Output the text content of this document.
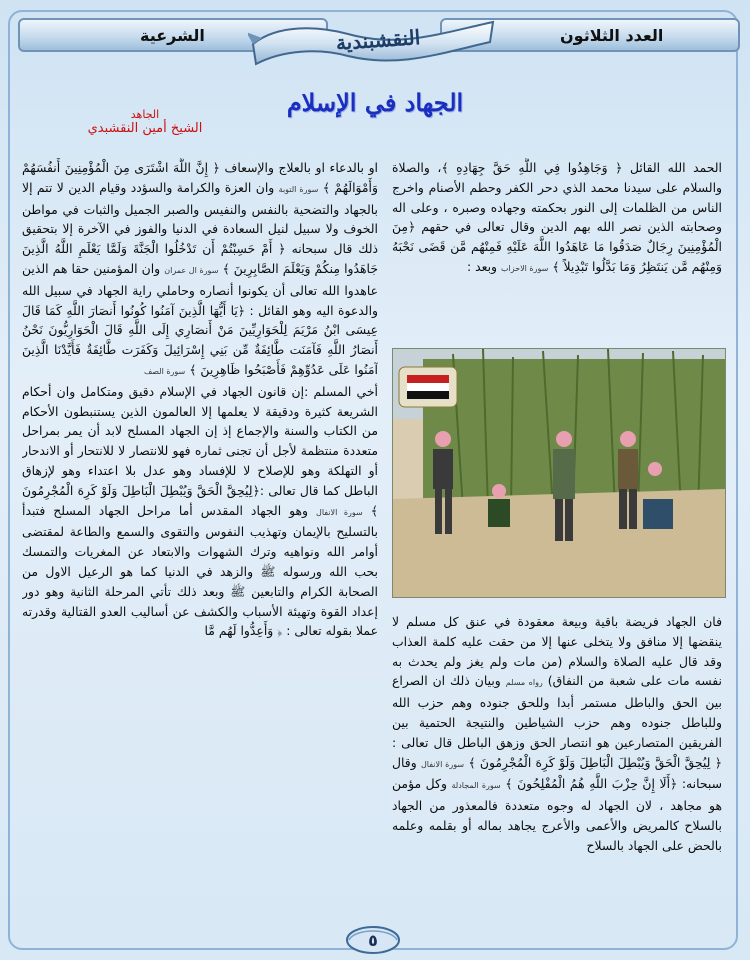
الشرعية	العدد الثلاثون
النقشبندية
الجهاد في الإسلام
الجاهد
الشيخ أمين النقشبدي

الحمد الله القائل ﴿ وَجَاهِدُوا فِي اللَّهِ حَقَّ جِهَادِهِ ﴾، والصلاة والسلام على سيدنا محمد الذي دحر الكفر وحطم الأصنام واخرج الناس من الظلمات إلى النور بحكمته وجهاده وصبره ، وعلى اله وصحابته الذين نصر الله بهم الدين وقال تعالى في حقهم ﴿مِنَ الْمُؤْمِنِينَ رِجَالٌ صَدَقُوا مَا عَاهَدُوا اللَّهَ عَلَيْهِ فَمِنْهُم مَّن قَضَى نَحْبَهُ وَمِنْهُم مَّن يَنتَظِرُ وَمَا بَدَّلُوا تَبْدِيلاً ﴾ سورة الاحزاب وبعد :

فان الجهاد فريضة باقية وبيعة معقودة في عنق كل مسلم لا ينقضها إلا منافق ولا يتخلى عنها إلا من حقت عليه كلمة العذاب وقد قال عليه الصلاة والسلام (من مات ولم يغز ولم يحدث به نفسه مات على شعبة من النفاق) رواه مسلم وبيان ذلك ان الصراع بين الحق والباطل مستمر أبدا وللحق جنوده وهم حزب الله وللباطل جنوده وهم حزب الشياطين والنتيجة الحتمية بين الفريقين المتصارعين هو انتصار الحق وزهق الباطل قال تعالى : ﴿ لِيُحِقَّ الْحَقَّ وَيُبْطِلَ الْبَاطِلَ وَلَوْ كَرِهَ الْمُجْرِمُونَ ﴾ سورة الانفال وقال سبحانه: ﴿أَلَا إِنَّ حِزْبَ اللَّهِ هُمُ الْمُفْلِحُونَ ﴾ سورة المجادلة وكل مؤمن هو مجاهد ، لان الجهاد له وجوه متعددة فالمعذور من الجهاد بالسلاح كالمريض والأعمى والأعرج يجاهد بماله أو بقلمه وعلمه بالحض على الجهاد بالسلاح

او بالدعاء او بالعلاج والإسعاف ﴿ إِنَّ اللَّهَ اشْتَرَى مِنَ الْمُؤْمِنِينَ أَنفُسَهُمْ وَأَمْوَالَهُمْ ﴾ سورة التوبة وان العزة والكرامة والسؤدد وقيام الدين لا تتم إلا بالجهاد والتضحية بالنفس والنفيس والصبر الجميل والثبات في مواطن الخوف ولا سبيل لنيل السعادة في الدنيا والفوز في الآخرة إلا بتحقيق ذلك قال سبحانه ﴿ أَمْ حَسِبْتُمْ أَن تَدْخُلُوا الْجَنَّةَ وَلَمَّا يَعْلَمِ اللَّهُ الَّذِينَ جَاهَدُوا مِنكُمْ وَيَعْلَمَ الصَّابِرِينَ ﴾ سورة ال عمران وان المؤمنين حقا هم الذين عاهدوا الله تعالى أن يكونوا أنصاره وحاملي راية الجهاد في سبيل الله والدعوة اليه وهو القائل : ﴿يَا أَيُّهَا الَّذِينَ آمَنُوا كُونُوا أَنصَارَ اللَّهِ كَمَا قَالَ عِيسَى ابْنُ مَرْيَمَ لِلْحَوَارِيِّينَ مَنْ أَنصَارِي إِلَى اللَّهِ قَالَ الْحَوَارِيُّونَ نَحْنُ أَنصَارُ اللَّهِ فَآمَنَت طَّائِفَةٌ مِّن بَنِي إِسْرَائِيلَ وَكَفَرَت طَّائِفَةٌ فَأَيَّدْنَا الَّذِينَ آمَنُوا عَلَى عَدُوِّهِمْ فَأَصْبَحُوا ظَاهِرِينَ ﴾ سورة الصف

أخي المسلم :إن قانون الجهاد في الإسلام دقيق ومتكامل وان أحكام الشريعة كثيرة ودقيقة لا يعلمها إلا العالمون الذين يستنبطون الأحكام من الكتاب والسنة والإجماع إذ إن الجهاد المسلح لابد أن يمر بمراحل متعددة منتظمة لأجل أن تجنى ثماره فهو للانتصار لا للانتحار أو الاندحار أو التهلكة وهو للإصلاح لا للإفساد وهو عدل بلا اعتداء وهو لإزهاق الباطل كما قال تعالى :﴿لِيُحِقَّ الْحَقَّ وَيُبْطِلَ الْبَاطِلَ وَلَوْ كَرِهَ الْمُجْرِمُونَ ﴾ سورة الانفال وهو الجهاد المقدس أما مراحل الجهاد المسلح فتبدأ بالتسليح بالإيمان وتهذيب النفوس والتقوى والسمع والطاعة لمقتضى أوامر الله ونواهيه وترك الشهوات والابتعاد عن المغريات والتمسك بحب الله ورسوله ﷺ والزهد في الدنيا كما هو الرعيل الاول من الصحابة الكرام والتابعين ﷺ وبعد ذلك تأتي المرحلة الثانية وهو دور إعداد القوة وتهيئة الأسباب والكشف عن أساليب العدو القتالية وقدرته عملا بقوله تعالى : ﴿ وَأَعِدُّوا لَهُم مَّا

٥
